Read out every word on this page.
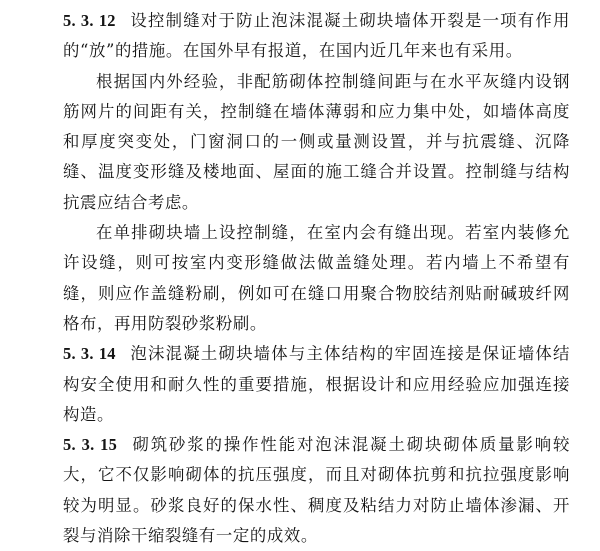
5. 3. 12 设控制缝对于防止泡沫混凝土砌块墙体开裂是一项有作用的“放”的措施。在国外早有报道，在国内近几年来也有采用。

根据国内外经验，非配筋砌体控制缝间距与在水平灰缝内设钢筋网片的间距有关，控制缝在墙体薄弱和应力集中处，如墙体高度和厚度突变处，门窗洞口的一侧或量测设置，并与抗震缝、沉降缝、温度变形缝及楼地面、屋面的施工缝合并设置。控制缝与结构抗震应结合考虑。

在单排砌块墙上设控制缝，在室内会有缝出现。若室内装修允许设缝，则可按室内变形缝做法做盖缝处理。若内墙上不希望有缝，则应作盖缝粉刷，例如可在缝口用聚合物胶结剂贴耐碱玻纤网格布，再用防裂砂浆粉刷。

5. 3. 14 泡沫混凝土砌块墙体与主体结构的牢固连接是保证墙体结构安全使用和耐久性的重要措施，根据设计和应用经验应加强连接构造。

5. 3. 15 砌筑砂浆的操作性能对泡沫混凝土砌块砌体质量影响较大，它不仅影响砌体的抗压强度，而且对砌体抗剪和抗拉强度影响较为明显。砂浆良好的保水性、稠度及粘结力对防止墙体渗漏、开裂与消除干缩裂缝有一定的成效。
